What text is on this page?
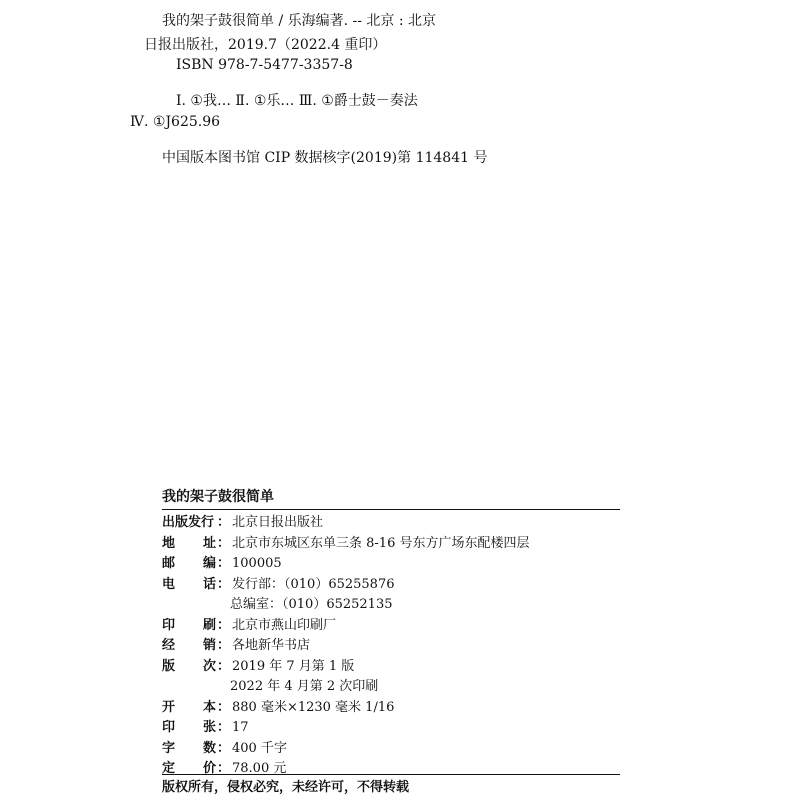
我的架子鼓很简单 / 乐海编著. -- 北京 : 北京
日报出版社，2019.7（2022.4 重印）
ISBN 978-7-5477-3357-8
Ⅰ. ①我… Ⅱ. ①乐… Ⅲ. ①爵士鼓－奏法
Ⅳ. ①J625.96
中国版本图书馆 CIP 数据核字(2019)第 114841 号
我的架子鼓很简单
出版发行 ： 北京日报出版社
地 址 ： 北京市东城区东单三条 8-16 号东方广场东配楼四层
邮 编 ： 100005
电 话 ： 发行部：（010）65255876
总编室：（010）65252135
印 刷 ： 北京市燕山印刷厂
经 销 ： 各地新华书店
版 次 ： 2019 年 7 月第 1 版
2022 年 4 月第 2 次印刷
开 本 ： 880 毫米×1230 毫米 1/16
印 张 ： 17
字 数 ： 400 千字
定 价 ： 78.00 元
版权所有，侵权必究，未经许可，不得转载
